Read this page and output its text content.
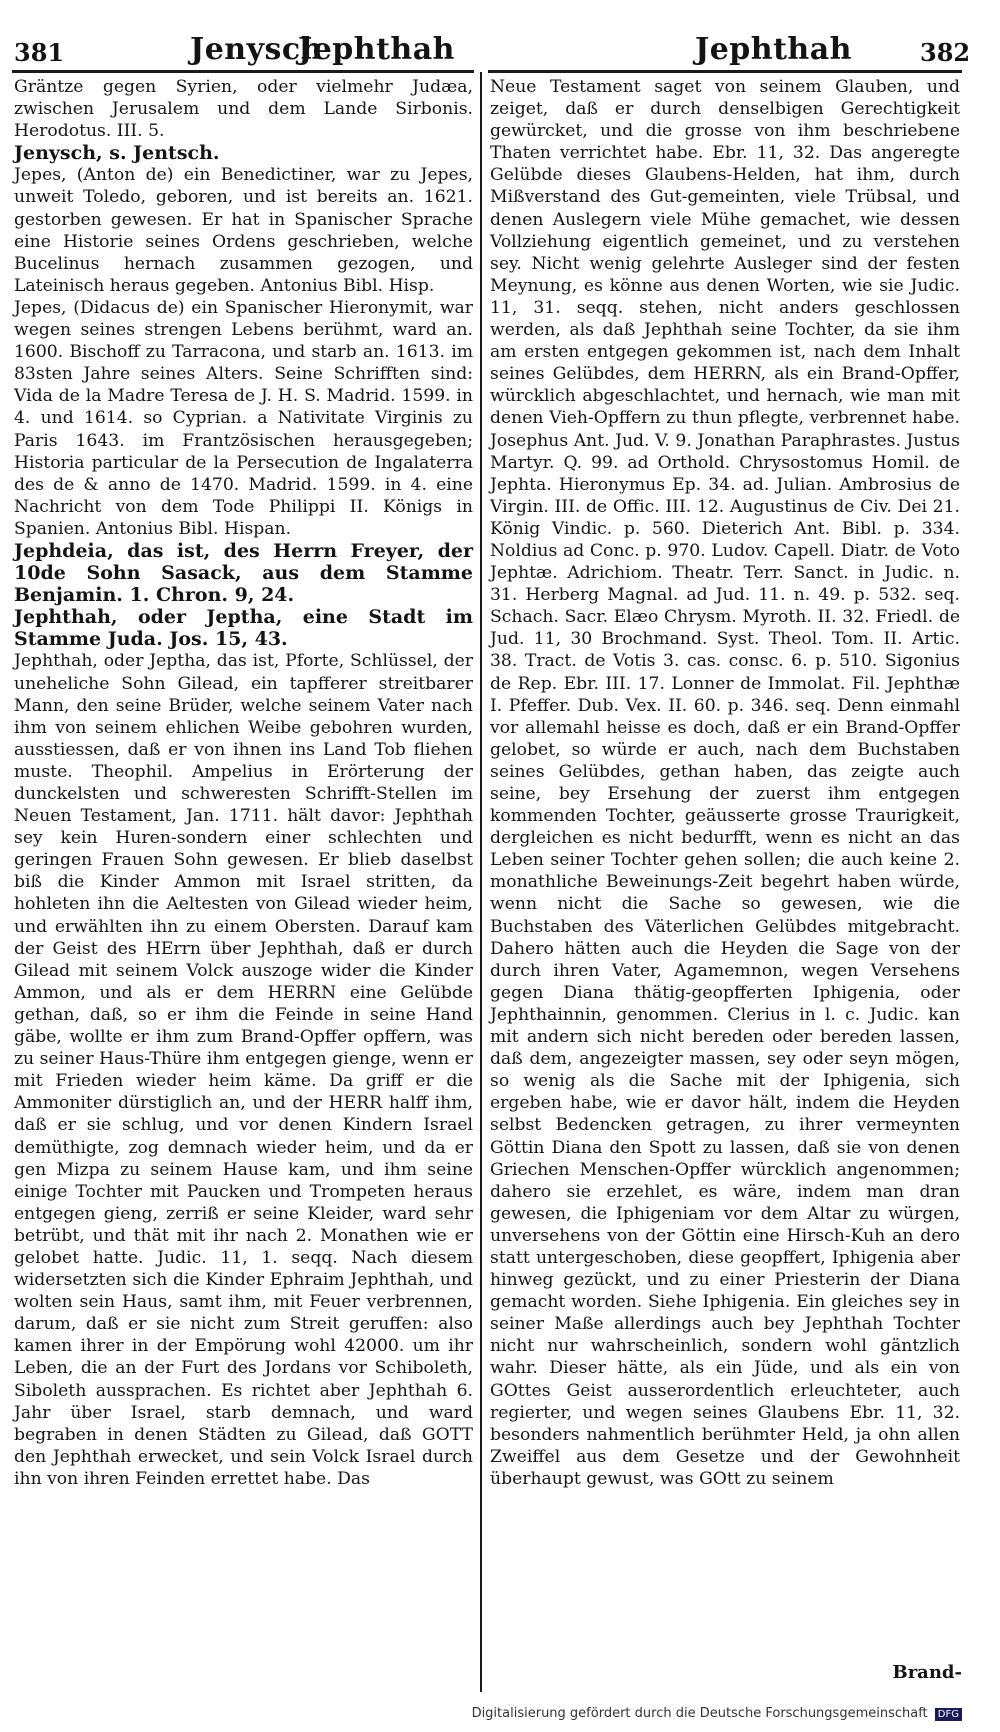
381	Jenysch
Jephthah	Jephthah	382

Gräntze gegen Syrien, oder vielmehr Judæa, zwischen Jerusalem und dem Lande Sirbonis. Herodotus. III. 5.

Jenysch, s. Jentsch.

Jepes, (Anton de) ein Benedictiner, war zu Jepes, unweit Toledo, geboren, und ist bereits an. 1621. gestorben gewesen. Er hat in Spanischer Sprache eine Historie seines Ordens geschrieben, welche Bucelinus hernach zusammen gezogen, und Lateinisch heraus gegeben. Antonius Bibl. Hisp.

Jepes, (Didacus de) ein Spanischer Hieronymit, war wegen seines strengen Lebens berühmt, ward an. 1600. Bischoff zu Tarracona, und starb an. 1613. im 83sten Jahre seines Alters. Seine Schrifften sind: Vida de la Madre Teresa de J. H. S. Madrid. 1599. in 4. und 1614. so Cyprian. a Nativitate Virginis zu Paris 1643. im Frantzösischen herausgegeben; Historia particular de la Persecution de Ingalaterra des de & anno de 1470. Madrid. 1599. in 4. eine Nachricht von dem Tode Philippi II. Königs in Spanien. Antonius Bibl. Hispan.

Jephdeia, das ist, des Herrn Freyer, der 10de Sohn Sasack, aus dem Stamme Benjamin. 1. Chron. 9, 24.

Jephthah, oder Jeptha, eine Stadt im Stamme Juda. Jos. 15, 43.

Jephthah, oder Jeptha, das ist, Pforte, Schlüssel, der uneheliche Sohn Gilead, ein tapfferer streitbarer Mann, den seine Brüder, welche seinem Vater nach ihm von seinem ehlichen Weibe gebohren wurden, ausstiessen, daß er von ihnen ins Land Tob fliehen muste. Theophil. Ampelius in Erörterung der dunckelsten und schweresten Schrifft-Stellen im Neuen Testament, Jan. 1711. hält davor: Jephthah sey kein Huren-sondern einer schlechten und geringen Frauen Sohn gewesen. Er blieb daselbst biß die Kinder Ammon mit Israel stritten, da hohleten ihn die Aeltesten von Gilead wieder heim, und erwählten ihn zu einem Obersten. Darauf kam der Geist des HErrn über Jephthah, daß er durch Gilead mit seinem Volck auszoge wider die Kinder Ammon, und als er dem HERRN eine Gelübde gethan, daß, so er ihm die Feinde in seine Hand gäbe, wollte er ihm zum Brand-Opffer opffern, was zu seiner Haus-Thüre ihm entgegen gienge, wenn er mit Frieden wieder heim käme. Da griff er die Ammoniter dürstiglich an, und der HERR halff ihm, daß er sie schlug, und vor denen Kindern Israel demüthigte, zog demnach wieder heim, und da er gen Mizpa zu seinem Hause kam, und ihm seine einige Tochter mit Paucken und Trompeten heraus entgegen gieng, zerriß er seine Kleider, ward sehr betrübt, und thät mit ihr nach 2. Monathen wie er gelobet hatte. Judic. 11, 1. seqq. Nach diesem widersetzten sich die Kinder Ephraim Jephthah, und wolten sein Haus, samt ihm, mit Feuer verbrennen, darum, daß er sie nicht zum Streit geruffen: also kamen ihrer in der Empörung wohl 42000. um ihr Leben, die an der Furt des Jordans vor Schiboleth, Siboleth aussprachen. Es richtet aber Jephthah 6. Jahr über Israel, starb demnach, und ward begraben in denen Städten zu Gilead, daß GOTT den Jephthah erwecket, und sein Volck Israel durch ihn von ihren Feinden errettet habe. Das

Neue Testament saget von seinem Glauben, und zeiget, daß er durch denselbigen Gerechtigkeit gewürcket, und die grosse von ihm beschriebene Thaten verrichtet habe. Ebr. 11, 32. Das angeregte Gelübde dieses Glaubens-Helden, hat ihm, durch Mißverstand des Gut-gemeinten, viele Trübsal, und denen Auslegern viele Mühe gemachet, wie dessen Vollziehung eigentlich gemeinet, und zu verstehen sey. Nicht wenig gelehrte Ausleger sind der festen Meynung, es könne aus denen Worten, wie sie Judic. 11, 31. seqq. stehen, nicht anders geschlossen werden, als daß Jephthah seine Tochter, da sie ihm am ersten entgegen gekommen ist, nach dem Inhalt seines Gelübdes, dem HERRN, als ein Brand-Opffer, würcklich abgeschlachtet, und hernach, wie man mit denen Vieh-Opffern zu thun pflegte, verbrennet habe. Josephus Ant. Jud. V. 9. Jonathan Paraphrastes. Justus Martyr. Q. 99. ad Orthold. Chrysostomus Homil. de Jephta. Hieronymus Ep. 34. ad. Julian. Ambrosius de Virgin. III. de Offic. III. 12. Augustinus de Civ. Dei 21. König Vindic. p. 560. Dieterich Ant. Bibl. p. 334. Noldius ad Conc. p. 970. Ludov. Capell. Diatr. de Voto Jephtæ. Adrichiom. Theatr. Terr. Sanct. in Judic. n. 31. Herberg Magnal. ad Jud. 11. n. 49. p. 532. seq. Schach. Sacr. Elæo Chrysm. Myroth. II. 32. Friedl. de Jud. 11, 30 Brochmand. Syst. Theol. Tom. II. Artic. 38. Tract. de Votis 3. cas. consc. 6. p. 510. Sigonius de Rep. Ebr. III. 17. Lonner de Immolat. Fil. Jephthæ I. Pfeffer. Dub. Vex. II. 60. p. 346. seq. Denn einmahl vor allemahl heisse es doch, daß er ein Brand-Opffer gelobet, so würde er auch, nach dem Buchstaben seines Gelübdes, gethan haben, das zeigte auch seine, bey Ersehung der zuerst ihm entgegen kommenden Tochter, geäusserte grosse Traurigkeit, dergleichen es nicht bedurfft, wenn es nicht an das Leben seiner Tochter gehen sollen; die auch keine 2. monathliche Beweinungs-Zeit begehrt haben würde, wenn nicht die Sache so gewesen, wie die Buchstaben des Väterlichen Gelübdes mitgebracht. Dahero hätten auch die Heyden die Sage von der durch ihren Vater, Agamemnon, wegen Versehens gegen Diana thätig-geopfferten Iphigenia, oder Jephthainnin, genommen. Clerius in l. c. Judic. kan mit andern sich nicht bereden oder bereden lassen, daß dem, angezeigter massen, sey oder seyn mögen, so wenig als die Sache mit der Iphigenia, sich ergeben habe, wie er davor hält, indem die Heyden selbst Bedencken getragen, zu ihrer vermeynten Göttin Diana den Spott zu lassen, daß sie von denen Griechen Menschen-Opffer würcklich angenommen; dahero sie erzehlet, es wäre, indem man dran gewesen, die Iphigeniam vor dem Altar zu würgen, unversehens von der Göttin eine Hirsch-Kuh an dero statt untergeschoben, diese geopffert, Iphigenia aber hinweg gezückt, und zu einer Priesterin der Diana gemacht worden. Siehe Iphigenia. Ein gleiches sey in seiner Maße allerdings auch bey Jephthah Tochter nicht nur wahrscheinlich, sondern wohl gäntzlich wahr. Dieser hätte, als ein Jüde, und als ein von GOttes Geist ausserordentlich erleuchteter, auch regierter, und wegen seines Glaubens Ebr. 11, 32. besonders nahmentlich berühmter Held, ja ohn allen Zweiffel aus dem Gesetze und der Gewohnheit überhaupt gewust, was GOtt zu seinem

Brand-
Digitalisierung gefördert durch die Deutsche Forschungsgemeinschaft DFG
